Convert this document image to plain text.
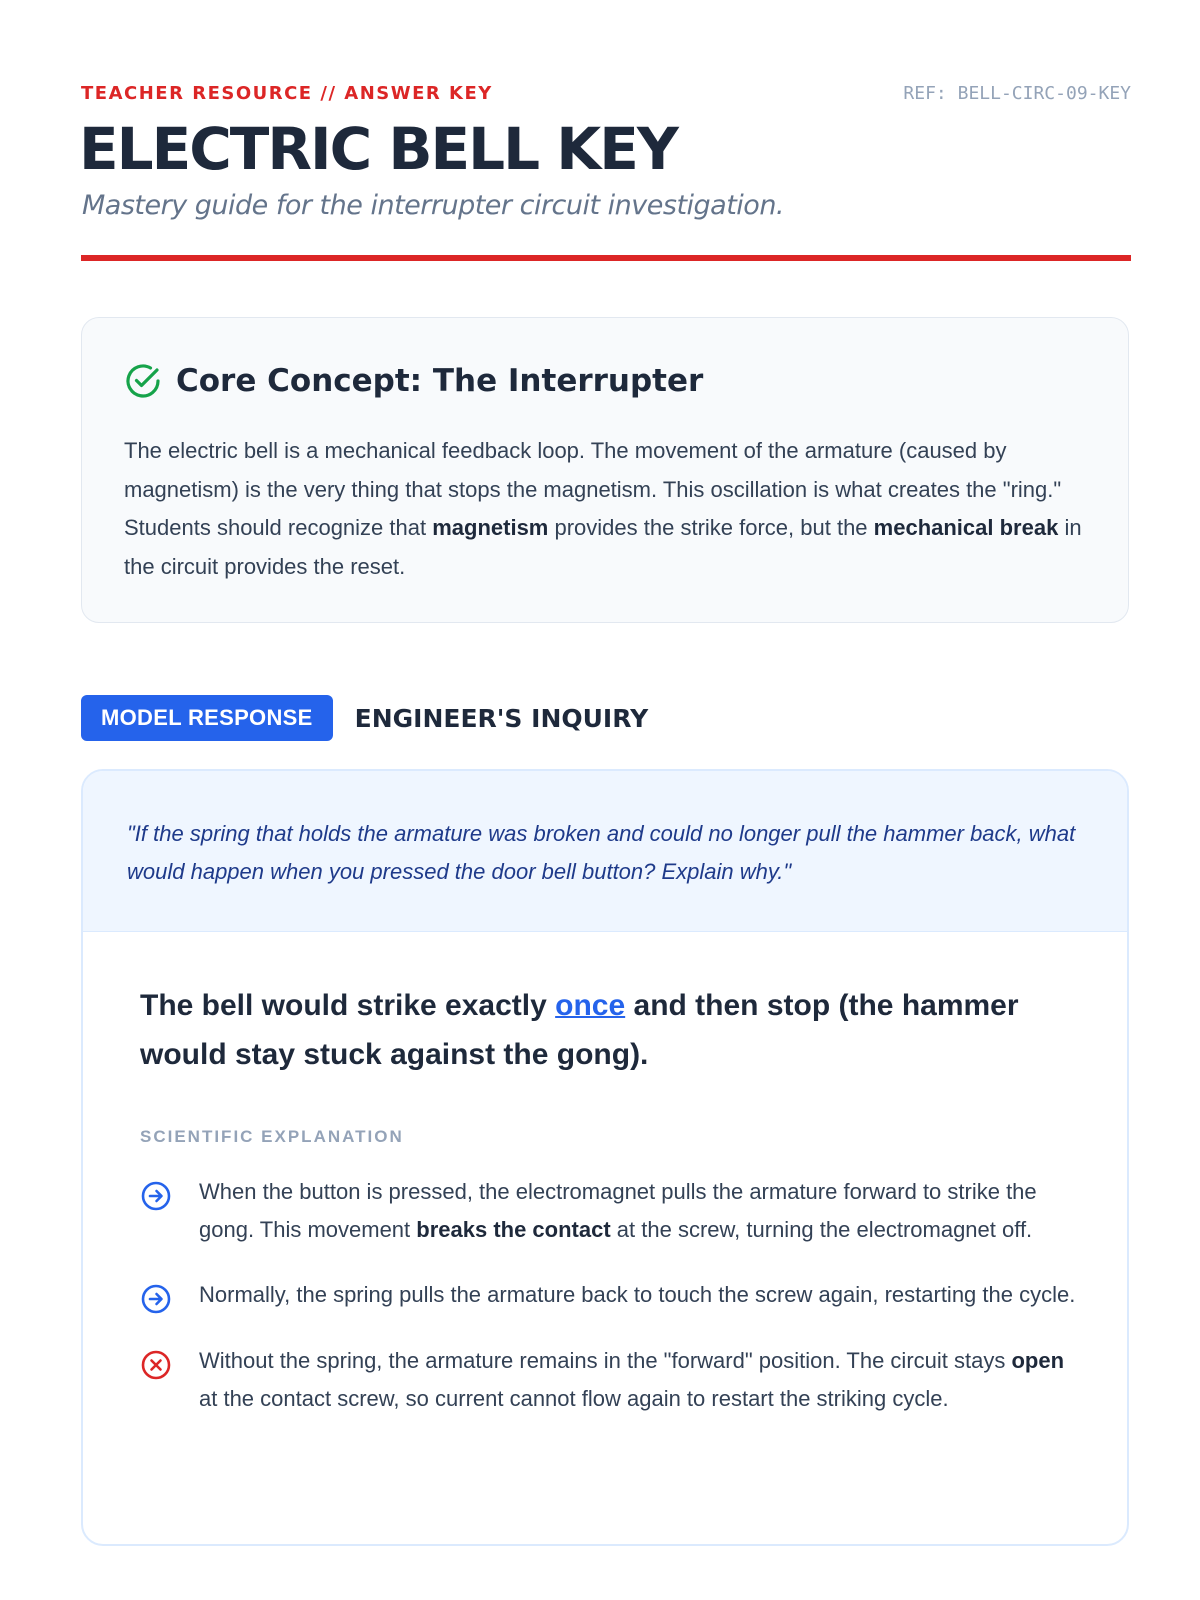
TEACHER RESOURCE // ANSWER KEY	REF: BELL-CIRC-09-KEY
ELECTRIC BELL KEY
Mastery guide for the interrupter circuit investigation.
Core Concept: The Interrupter

The electric bell is a mechanical feedback loop. The movement of the armature (caused by magnetism) is the very thing that stops the magnetism. This oscillation is what creates the "ring." Students should recognize that magnetism provides the strike force, but the mechanical break in the circuit provides the reset.

MODEL RESPONSE	ENGINEER'S INQUIRY
"If the spring that holds the armature was broken and could no longer pull the hammer back, what would happen when you pressed the door bell button? Explain why."
The bell would strike exactly once and then stop (the hammer would stay stuck against the gong).
SCIENTIFIC EXPLANATION
When the button is pressed, the electromagnet pulls the armature forward to strike the gong. This movement breaks the contact at the screw, turning the electromagnet off.
Normally, the spring pulls the armature back to touch the screw again, restarting the cycle.
Without the spring, the armature remains in the "forward" position. The circuit stays open at the contact screw, so current cannot flow again to restart the striking cycle.
